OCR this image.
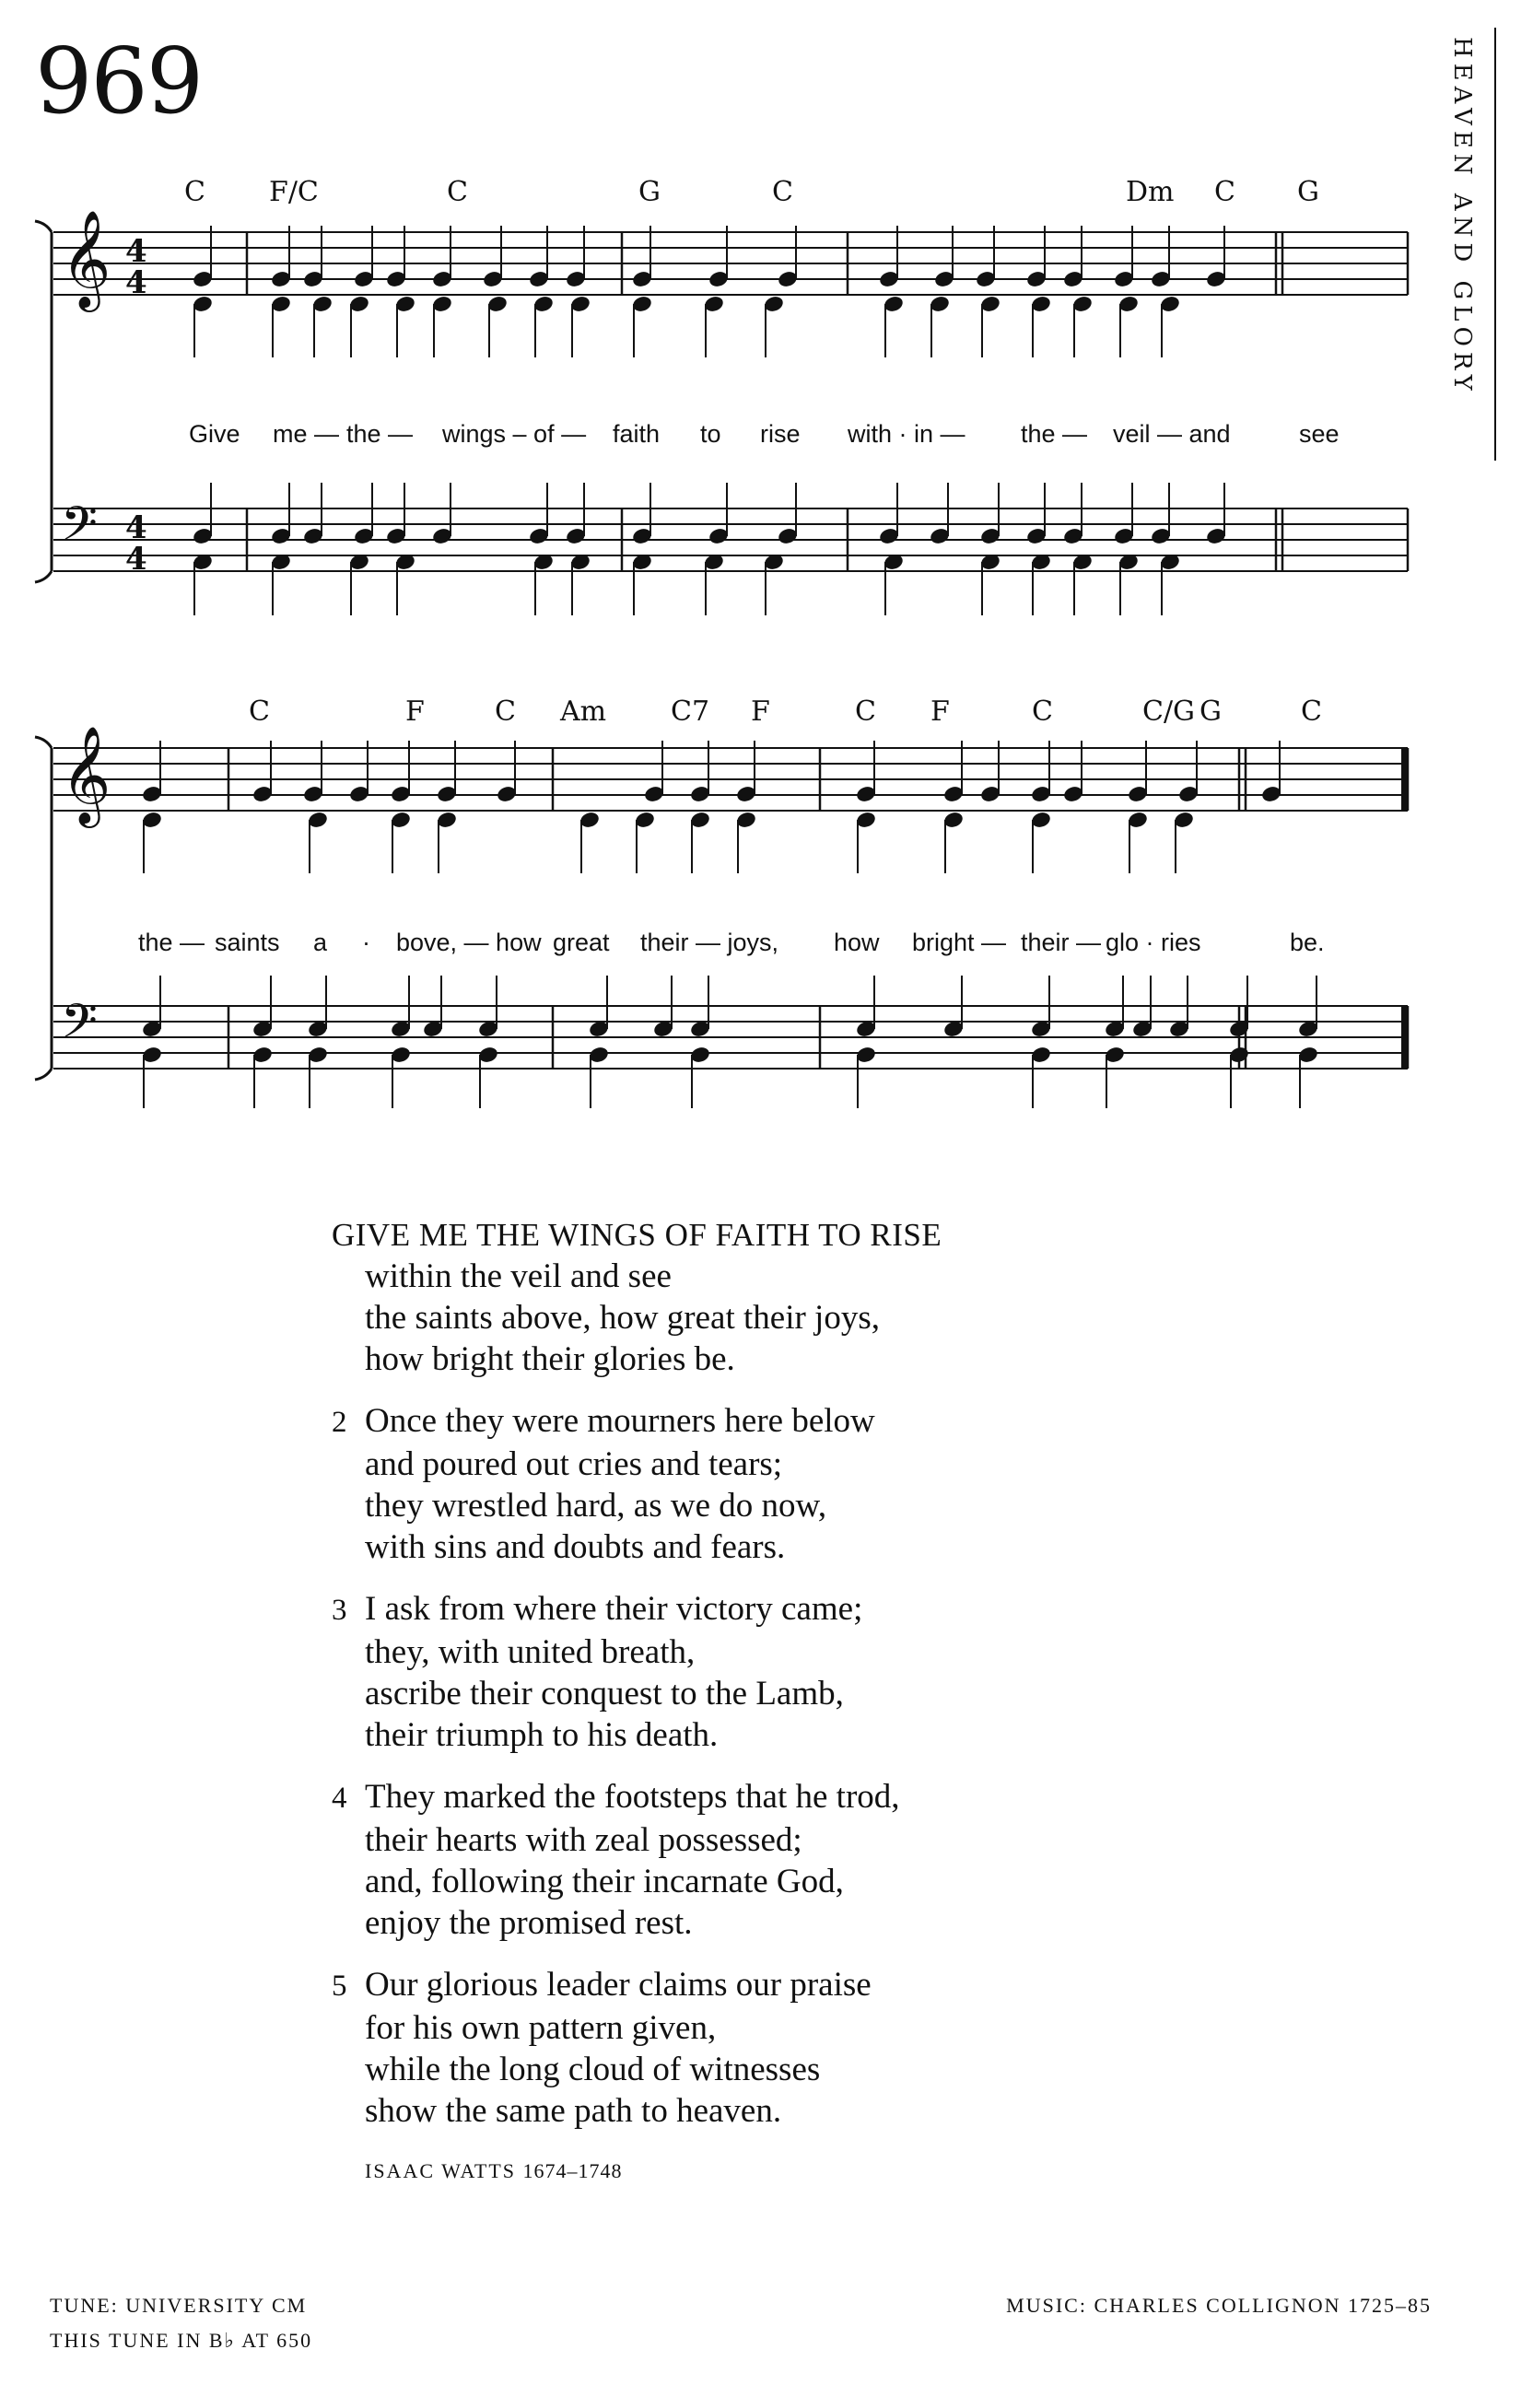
969	HEAVEN AND GLORY
𝄞 4
4
𝄢 4
4
𝄞
𝄢
C F/C	C	G	C	Dm C G
Give me — the — wings – of — faith to rise with · in — the — veil — and	see
C	F	C Am C7 F	C F	C	C/G G	C
the — saints a · bove, — how great their — joys, how bright — their — glo · ries	be.
GIVE ME THE WINGS OF FAITH TO RISE
within the veil and see
the saints above, how great their joys,
how bright their glories be.
2 Once they were mourners here below
and poured out cries and tears;
they wrestled hard, as we do now,
with sins and doubts and fears.
3 I ask from where their victory came;
they, with united breath,
ascribe their conquest to the Lamb,
their triumph to his death.
4 They marked the footsteps that he trod,
their hearts with zeal possessed;
and, following their incarnate God,
enjoy the promised rest.
5 Our glorious leader claims our praise
for his own pattern given,
while the long cloud of witnesses
show the same path to heaven.
ISAAC WATTS 1674–1748
TUNE: UNIVERSITY CM
THIS TUNE IN B♭ AT 650
MUSIC: CHARLES COLLIGNON 1725–85
